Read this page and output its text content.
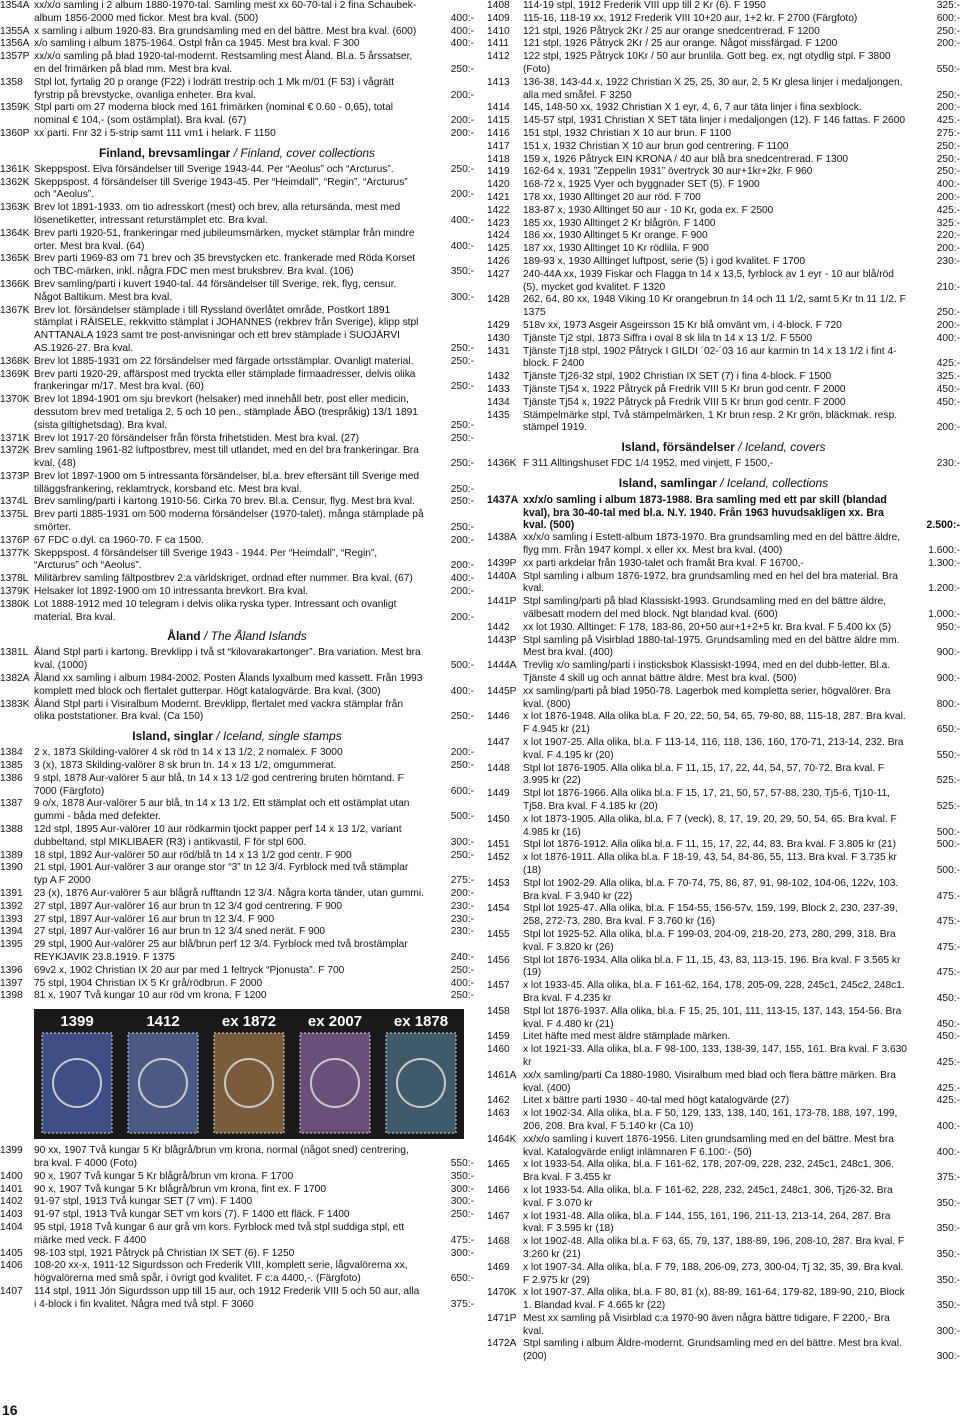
1354A xx/x/o samling i 2 album 1880-1970-tal. Samling mest xx 60-70-tal i 2 fina Schaubek-album 1856-2000 med fickor. Mest bra kval. (500)	400:-
1355A x samling i album 1920-83. Bra grundsamling med en del bättre. Mest bra kval. (600)	400:-
1356A x/o samling i album 1875-1964. Ostpl från ca 1945. Mest bra kval. F 300	400:-
1357P xx/x/o samling på blad 1920-tal-modernt. Restsamling mest Åland. Bl.a. 5 årssatser, en del frimärken på blad mm. Mest bra kval.	250:-
1358	Stpl lot, fyrtalig 20 p orange (F22) i lodrätt trestrip och 1 Mk m/01 (F 53) i vågrätt fyrstrip på brevstycke, ovanliga enheter. Bra kval.	200:-
1359K Stpl parti om 27 moderna block med 161 frimärken (nominal € 0.60 - 0,65), total nominal € 104,- (som ostämplat). Bra kval. (67)	200:-
1360P xx parti. Fnr 32 i 5-strip samt 111 vm1 i helark. F 1150	200:-
Finland, brevsamlingar / Finland, cover collections
1361K Skeppspost. Elva försändelser till Sverige 1943-44. Per “Aeolus” och “Arcturus”.	250:-
1362K Skeppspost. 4 försändelser till Sverige 1943-45. Per “Heimdall”, “Regin”, “Arcturus” och “Aeolus”.	200:-
1363K Brev lot 1891-1933. om tio adresskort (mest) och brev, alla retursända, mest med lösenetiketter, intressant returstämplet etc. Bra kval.	400:-
1364K Brev parti 1920-51, frankeringar med jubileumsmärken, mycket stämplar från mindre orter. Mest bra kval. (64)	400:-
1365K Brev parti 1969-83 om 71 brev och 35 brevstycken etc. frankerade med Röda Korset och TBC-märken, inkl. några FDC men mest bruksbrev. Bra kval. (106)	350:-
1366K Brev samling/parti i kuvert 1940-tal. 44 försändelser till Sverige, rek, flyg, censur. Något Baltikum. Mest bra kval.	300:-
1367K Brev lot. försändelser stämplade i till Ryssland överlåtet område, Postkort 1891 stämplat i RÄISELE, rekkvitto stämplat i JOHANNES (rekbrev från Sverige), klipp stpl ANTTANALA 1923 samt tre post-anvisningar och ett brev stämplade i SUOJÄRVI AS.1926-27. Bra kval.	250:-
1368K Brev lot 1885-1931 om 22 försändelser med färgade ortsstämplar. Ovanligt material.	250:-
1369K Brev parti 1920-29, affärspost med tryckta eller stämplade firmaadresser, delvis olika frankeringar m/17. Mest bra kval. (60)	250:-
1370K Brev lot 1894-1901 om sju brevkort (helsaker) med innehåll betr. post eller medicin, dessutom brev med tretaliga 2, 5 och 10 pen., stämplade ÅBO (trespråkig) 13/1 1891 (sista giltighetsdag). Bra kval.	250:-
1371K Brev lot 1917-20 försändelser från första frihetstiden. Mest bra kval. (27)	250:-
1372K Brev samling 1961-82 luftpostbrev, mest till utlandet, med en del bra frankeringar. Bra kval. (48)	250:-
1373P Brev lot 1897-1900 om 5 intressanta försändelser, bl.a. brev eftersänt till Sverige med tilläggsfrankering, reklamtryck, korsband etc. Mest bra kval.	250:-
1374L Brev samling/parti i kartong 1910-56. Cirka 70 brev. Bl.a. Censur, flyg. Mest bra kval.	250:-
1375L Brev parti 1885-1931 om 500 moderna försändelser (1970-talet), många stämplade på smörter.	250:-
1376P 67 FDC o.dyl. ca 1960-70. F ca 1500.	200:-
1377K Skeppspost. 4 försändelser till Sverige 1943 - 1944. Per “Heimdall”, “Regin”, “Arcturus” och “Aeolus”.	200:-
1378L Militärbrev samling fältpostbrev 2:a världskriget, ordnad efter nummer. Bra kval. (67)	400:-
1379K Helsaker lot 1892-1900 om 10 intressanta brevkort. Bra kval.	200:-
1380K Lot 1888-1912 med 10 telegram i delvis olika ryska typer. Intressant och ovanligt material. Bra kval.	200:-
Åland / The Åland Islands
1381L Åland Stpl parti i kartong. Brevklipp i två st “kilovarakartonger”. Bra variation. Mest bra kval. (1000)	500:-
1382A Åland xx samling i album 1984-2002. Posten Ålands lyxalbum med kassett. Från 1993 komplett med block och flertalet gutterpar. Högt katalogvärde. Bra kval. (300)	400:-
1383K Åland Stpl parti i Visiralbum Modernt. Brevklipp, flertalet med vackra stämplar från olika poststationer. Bra kval. (Ca 150)	250:-
Island, singlar / Iceland, single stamps
1384	2 x, 1873 Skilding-valörer 4 sk röd tn 14 x 13 1/2, 2 nomalex. F 3000	200:-
1385	3 (x), 1873 Skilding-valörer 8 sk brun tn. 14 x 13 1/2, omgummerat.	250:-
1386	9 stpl, 1878 Aur-valörer 5 aur blå, tn 14 x 13 1/2 god centrering bruten hörntand. F 7000 (Färgfoto)	600:-
1387	9 o/x, 1878 Aur-valörer 5 aur blå, tn 14 x 13 1/2. Ett stämplat och ett ostämplat utan gummi - båda med defekter.	500:-
1388	12d stpl, 1895 Aur-valörer 10 aur rödkarmin tjockt papper perf 14 x 13 1/2, variant dubbeltand, stpl MIKLIBAER (R3) i antikvastil, F för stpl 600.	300:-
1389	18 stpl, 1892 Aur-valörer 50 aur röd/blå tn 14 x 13 1/2 god centr. F 900	250:-
1390	21 stpl, 1901 Aur-valörer 3 aur orange stor “3” tn 12 3/4. Fyrblock med två stämplar typ A F 2000	275:-
1391	23 (x), 1876 Aur-valörer 5 aur blågrå rufftandn 12 3/4. Några korta tänder, utan gummi.	200:-
1392	27 stpl, 1897 Aur-valörer 16 aur brun tn 12 3/4 god centrering. F 900	230:-
1393	27 stpl, 1897 Aur-valörer 16 aur brun tn 12 3/4. F 900	230:-
1394	27 stpl, 1897 Aur-valörer 16 aur brun tn 12 3/4 sned nerät. F 900	230:-
1395	29 stpl, 1900 Aur-valörer 25 aur blå/brun perf 12 3/4. Fyrblock med två brostämplar REYKJAVIK 23.8.1919. F 1375	240:-
1396	69v2 x, 1902 Christian IX 20 aur par med 1 feltryck “Pjonusta”. F 700	250:-
1397	75 stpl, 1904 Christian IX 5 Kr grå/rödbrun. F 2000	400:-
1398	81 x, 1907 Två kungar 10 aur röd vm krona. F 1200	250:-
1399	1412	ex 1872 ex 2007 ex 1878
1399	90 xx, 1907 Två kungar 5 Kr blågrå/brun vm krona, normal (något sned) centrering, bra kval. F 4000 (Foto)	550:-
1400	90 x, 1907 Två kungar 5 Kr blågrå/brun vm krona. F 1700	350:-
1401	90 x, 1907 Två kungar 5 Kr blågrå/brun vm krona, fint ex. F 1700	300:-
1402	91-97 stpl, 1913 Två kungar SET (7 vm). F 1400	300:-
1403	91-97 stpl, 1913 Två kungar SET vm kors (7). F 1400 ett fläck. F 1400	250:-
1404	95 stpl, 1918 Två kungar 6 aur grå vm kors. Fyrblock med två stpl suddiga stpl, ett märke med veck. F 4400	475:-
1405	98-103 stpl, 1921 Påtryck på Christian IX SET (6). F 1250	300:-
1406	108-20 xx-x, 1911-12 Sigurdsson och Frederik VIII, komplett serie, lågvalörerna xx, högvalörerna med små spår, i övrigt god kvalitet. F c:a 4400,-. (Färgfoto)	650:-
1407	114 stpl, 1911 Jón Sigurdsson upp till 15 aur, och 1912 Frederik VIII 5 och 50 aur, alla i 4-block i fin kvalitet. Några med två stpl. F 3060	375:-
1408	114-19 stpl, 1912 Frederik VIII upp till 2 Kr (6). F 1950	325:-
1409	115-16, 118-19 xx, 1912 Frederik VIII 10+20 aur, 1+2 kr. F 2700 (Färgfoto)	600:-
1410	121 stpl, 1926 Påtryck 2Kr / 25 aur orange snedcentrerad. F 1200	250:-
1411	121 stpl, 1926 Påtryck 2Kr / 25 aur orange. Något missfärgad. F 1200	200:-
1412	122 stpl, 1925 Påtryck 10Kr / 50 aur brunlila. Gott beg. ex, ngt otydlig stpl. F 3800 (Foto)	550:-
1413	136-38, 143-44 x, 1922 Christian X 25, 25, 30 aur, 2, 5 Kr glesa linjer i medaljongen, alla med småfel. F 3250	250:-
1414	145, 148-50 xx, 1932 Christian X 1 eyr, 4, 6, 7 aur täta linjer i fina sexblock.	200:-
1415	145-57 stpl, 1931 Christian X SET täta linjer i medaljongen (12). F 146 fattas. F 2600	425:-
1416	151 stpl, 1932 Christian X 10 aur brun. F 1100	275:-
1417	151 x, 1932 Christian X 10 aur brun god centrering. F 1100	250:-
1418	159 x, 1926 Påtryck EIN KRONA / 40 aur blå bra snedcentrerad. F 1300	250:-
1419	162-64 x, 1931 ”Zeppelin 1931” övertryck 30 aur+1kr+2kr. F 960	250:-
1420	168-72 x, 1925 Vyer och byggnader SET (5). F 1900	400:-
1421	178 xx, 1930 Alltinget 20 aur röd. F 700	200:-
1422	183-87 x, 1930 Alltinget 50 aur - 10 Kr, goda ex. F 2500	425:-
1423	185 xx, 1930 Alltinget 2 Kr blågrön. F 1400	325:-
1424	186 xx, 1930 Alltinget 5 Kr orange. F 900	220:-
1425	187 xx, 1930 Alltinget 10 Kr rödlila. F 900	200:-
1426	189-93 x, 1930 Alltinget luftpost, serie (5) i god kvalitet. F 1700	230:-
1427	240-44A xx, 1939 Fiskar och Flagga tn 14 x 13,5, fyrblock av 1 eyr - 10 aur blå/röd (5), mycket god kvalitet. F 1320	210:-
1428	262, 64, 80 xx, 1948 Viking 10 Kr orangebrun tn 14 och 11 1/2, samt 5 Kr tn 11 1/2. F 1375	250:-
1429	518v xx, 1973 Asgeir Asgeirsson 15 Kr blå omvänt vm, i 4-block. F 720	200:-
1430	Tjänste Tj2 stpl, 1873 Siffra i oval 8 sk lila tn 14 x 13 1/2. F 5500	400:-
1431	Tjänste Tj18 stpl, 1902 Påtryck I GILDI ´02-´03 16 aur karmin tn 14 x 13 1/2 i fint 4-block. F 2400	425:-
1432	Tjänste Tj26-32 stpl, 1902 Christian IX SET (7) i fina 4-block. F 1500	325:-
1433	Tjänste Tj54 x, 1922 Påtryck på Fredrik VIII 5 Kr brun god centr. F 2000	450:-
1434	Tjänste Tj54 x, 1922 Påtryck på Fredrik VIII 5 Kr brun god centr. F 2000	450:-
1435	Stämpelmärke stpl, Två stämpelmärken, 1 Kr brun resp. 2 Kr grön, bläckmak. resp. stämpel 1919.	200:-
Island, försändelser / Iceland, covers
1436K F 311 Alltingshuset FDC 1/4 1952, med vinjett, F 1500,-	230:-
Island, samlingar / Iceland, collections
1437A xx/x/o samling i album 1873-1988. Bra samling med ett par skill (blandad kval), bra 30-40-tal med bl.a. N.Y. 1940. Från 1963 huvudsakligen xx. Bra kval. (500)	2.500:-
1438A xx/x/o samling i Estett-album 1873-1970. Bra grundsamling med en del bättre äldre, flyg mm. Från 1947 kompl. x eller xx. Mest bra kval. (400)	1.600:-
1439P xx parti arkdelar från 1930-talet och framåt Bra kval. F 16700,-	1.300:-
1440A Stpl samling i album 1876-1972, bra grundsamling med en hel del bra material. Bra kval.	1.200:-
1441P Stpl samling/parti på blad Klassiskt-1993. Grundsamling med en del bättre äldre, välbesatt modern del med block. Ngt blandad kval. (600)	1.000:-
1442	xx lot 1930. Alltinget: F 178, 183-86, 20+50 aur+1+2+5 kr. Bra kval. F 5.400 kx (5)	950:-
1443P Stpl samling på Visirblad 1880-tal-1975. Grundsamling med en del bättre äldre mm. Mest bra kval. (400)	900:-
1444A Trevlig x/o samling/parti i insticksbok Klassiskt-1994, med en del dubb-letter. Bl.a. Tjänste 4 skill ug och annat bättre äldre. Mest bra kval. (500)	900:-
1445P xx samling/parti på blad 1950-78. Lagerbok med kompletta serier, högvalörer. Bra kval. (800)	800:-
1446	x lot 1876-1948. Alla olika bl.a. F 20, 22, 50, 54, 65, 79-80, 88, 115-18, 287. Bra kval. F 4.945 kr (21)	650:-
1447	x lot 1907-25. Alla olika, bl.a. F 113-14, 116, 118, 136, 160, 170-71, 213-14, 232. Bra kval. F 4.195 kr (20)	550:-
1448	Stpl lot 1876-1905. Alla olika bl.a. F 11, 15, 17, 22, 44, 54, 57, 70-72. Bra kval. F 3.995 kr (22)	525:-
1449	Stpl lot 1876-1966. Alla olika bl.a. F 15, 17, 21, 50, 57, 57-88, 230, Tj5-6, Tj10-11, Tj58. Bra kval. F 4.185 kr (20)	525:-
1450	x lot 1873-1905. Alla olika, bl.a. F 7 (veck), 8, 17, 19, 20, 29, 50, 54, 65. Bra kval. F 4.985 kr (16)	500:-
1451	Stpl lot 1876-1912. Alla olika bl.a. F 11, 15, 17, 22, 44, 83. Bra kval. F 3.805 kr (21)	500:-
1452	x lot 1876-1911. Alla olika bl.a. F 18-19, 43, 54, 84-86, 55, 113. Bra kval. F 3.735 kr (18)	500:-
1453	Stpl lot 1902-29. Alla olika, bl.a. F 70-74, 75, 86, 87, 91, 98-102, 104-06, 122v, 103. Bra kval. F 3.940 kr (22)	475:-
1454	Stpl lot 1925-47. Alla olika, bl.a. F 154-55, 156-57v, 159, 199, Block 2, 230, 237-39, 258, 272-73, 280. Bra kval. F 3.760 kr (16)	475:-
1455	Stpl lot 1925-52. Alla olika, bl.a. F 199-03, 204-09, 218-20, 273, 280, 299, 318. Bra kval. F 3.820 kr (26)	475:-
1456	Stpl lot 1876-1934. Alla olika bl.a. F 11, 15, 43, 83, 113-15, 196. Bra kval. F 3.565 kr (19)	475:-
1457	x lot 1933-45. Alla olika, bl.a. F 161-62, 164, 178, 205-09, 228, 245c1, 245c2, 248c1. Bra kval. F 4.235 kr	450:-
1458	Stpl lot 1876-1937. Alla olika, bl.a. F 15, 25, 101, 111, 113-15, 137, 143, 154-56. Bra kval. F 4.480 kr (21)	450:-
1459	Litet häfte med mest äldre stämplade märken.	450:-
1460	x lot 1921-33. Alla olika, bl.a. F 98-100, 133, 138-39, 147, 155, 161. Bra kval. F 3.630 kr	425:-
1461A xx/x samling/parti Ca 1880-1980. Visiralbum med blad och flera bättre märken. Bra kval. (400)	425:-
1462	Litet x bättre parti 1930 - 40-tal med högt katalogvärde (27)	425:-
1463	x lot 1902-34. Alla olika, bl.a. F 50, 129, 133, 138, 140, 161, 173-78, 188, 197, 199, 206, 208. Bra kval. F 5.140 kr (Ca 10)	400:-
1464K xx/x/o samling i kuvert 1876-1956. Liten grundsamling med en del bättre. Mest bra kval. Katalogvärde enligt inlämnaren F 6.100:- (50)	400:-
1465	x lot 1933-54. Alla olika, bl.a. F 161-62, 178, 207-09, 228, 232, 245c1, 248c1, 306. Bra kval. F 3.455 kr	375:-
1466	x lot 1933-54. Alla olika, bl.a. F 161-62, 228, 232, 245c1, 248c1, 306, Tj26-32. Bra kval. F 3.070 kr	350:-
1467	x lot 1931-48. Alla olika, bl.a. F 144, 155, 161, 196, 211-13, 213-14, 264, 287. Bra kval. F 3.595 kr (18)	350:-
1468	x lot 1902-48. Alla olika bl.a. F 63, 65, 79, 137, 188-89, 196, 208-10, 287. Bra kval. F 3.260 kr (21)	350:-
1469	x lot 1907-34. Alla olika, bl.a. F 79, 188, 206-09, 273, 300-04, Tj 32, 35, 39. Bra kval. F 2.975 kr (29)	350:-
1470K x lot 1907-37. Alla olika, bl.a. F 80, 81 (x), 88-89, 161-64, 179-82, 189-90, 210, Block 1. Blandad kval. F 4.665 kr (22)	350:-
1471P Mest xx samling på Visirblad c:a 1970-90 även några bättre tidigare, F 2200,- Bra kval.	300:-
1472A Stpl samling i album Äldre-modernt. Grundsamling med en del bättre. Mest bra kval. (200)	300:-
16
